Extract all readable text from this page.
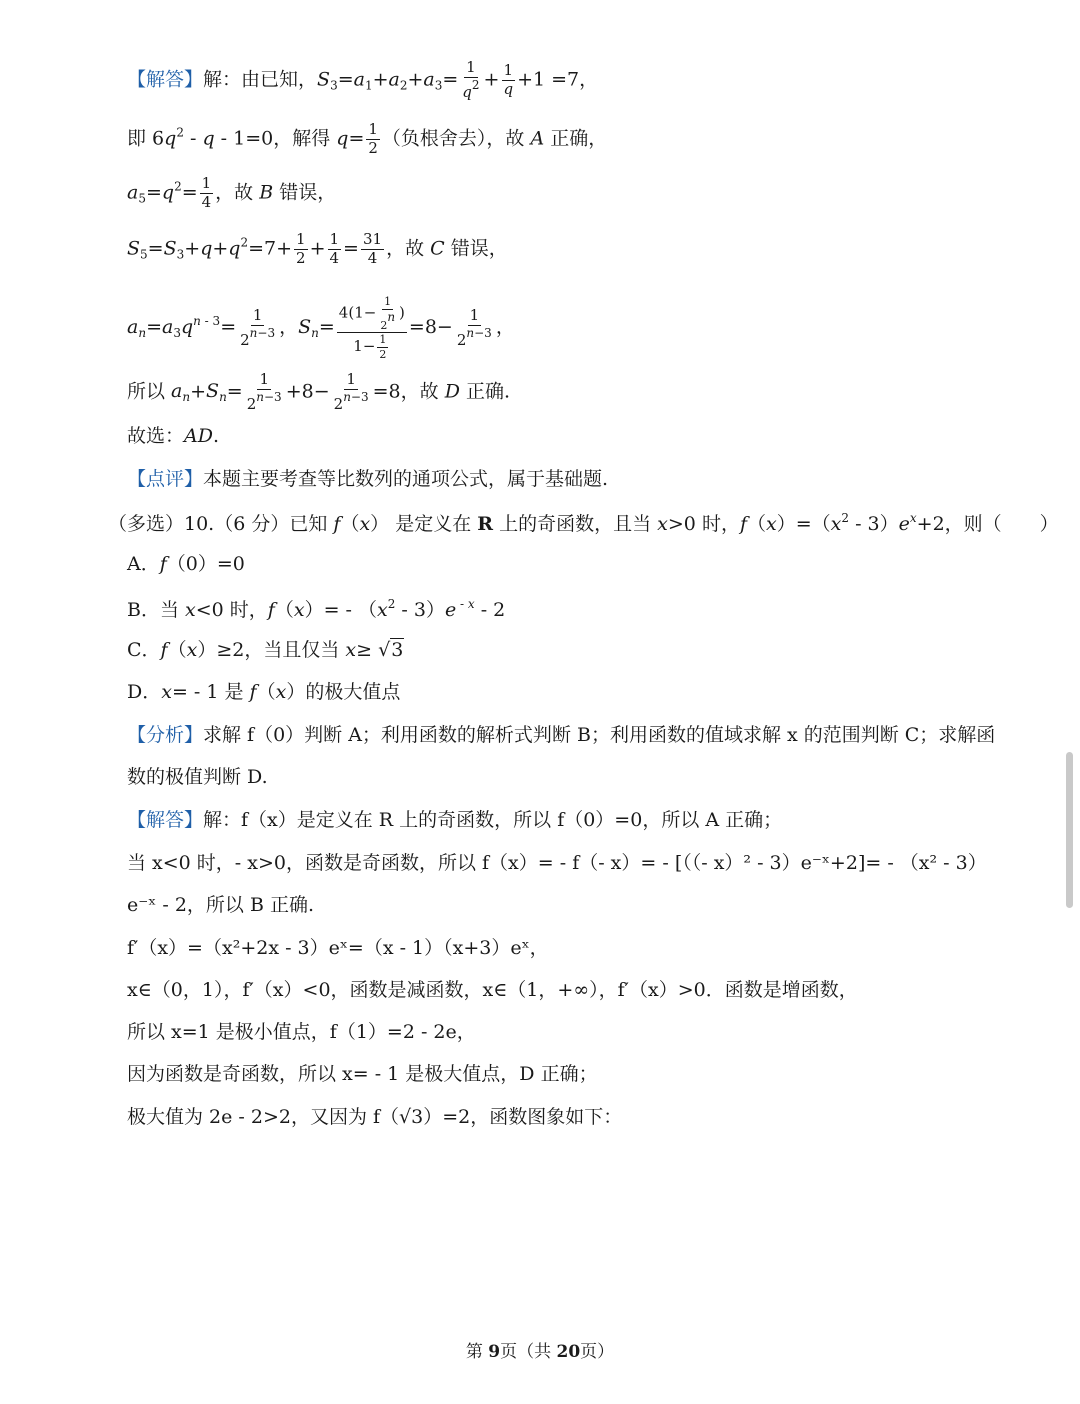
【解答】解：由已知，$S_3=a_1+a_2+a_3= \frac{1}{q^2} + \frac{1}{q} +1 =7$，
即 $6q^2 - q - 1=0$，解得 $q= \frac{1}{2}$ （负根舍去），故 A 正确，
$a_5=q^2= \frac{1}{4}$ ，故 B 错误，
$S_5=S_3+q+q^2=7+ \frac{1}{2} + \frac{1}{4} = \frac{31}{4}$ ，故 C 错误，
$a_n=a_3q^{n - 3}= \frac{1}{2^{n-3}}$ ，$S_n= \frac{4(1- \frac{1}{2^n} )}{1- \frac{1}{2}} =8- \frac{1}{2^{n-3}}$ ，
所以 $a_n+S_n= \frac{1}{2^{n-3}} +8- \frac{1}{2^{n-3}} =8$，故 D 正确.
故选：AD.
【点评】本题主要考查等比数列的通项公式，属于基础题.
（多选）10.（6 分）已知 f（x） 是定义在 R 上的奇函数，且当 x>0 时，$f(x)=(x^2 - 3)e^x+2$，则（　　）
A．f（0）=0
B．当 x<0 时，$f(x)= - (x^2 - 3)e$ $^{- x}$ - 2
C．f（x）≥2，当且仅当 x≥ √3
D．x= - 1 是 f（x）的极大值点
【分析】求解 f（0）判断 A；利用函数的解析式判断 B；利用函数的值域求解 x 的范围判断 C；求解函
数的极值判断 D.
【解答】解：f（x）是定义在 R 上的奇函数，所以 f（0）=0，所以 A 正确；
当 x<0 时，- x>0，函数是奇函数，所以 f（x）= - f（- x）= - [（（- x）² - 3）e⁻ˣ+2]= - （x² - 3）
e⁻ˣ - 2，所以 B 正确.
f′（x）=（x²+2x - 3）eˣ=（x - 1）（x+3）eˣ，
x∈（0，1），f′（x）<0，函数是减函数，x∈（1，+∞），f′（x）>0．函数是增函数，
所以 x=1 是极小值点，f（1）=2 - 2e，
因为函数是奇函数，所以 x= - 1 是极大值点，D 正确；
极大值为 2e - 2>2，又因为 f（√3）=2，函数图象如下：
第 9页（共 20页）
